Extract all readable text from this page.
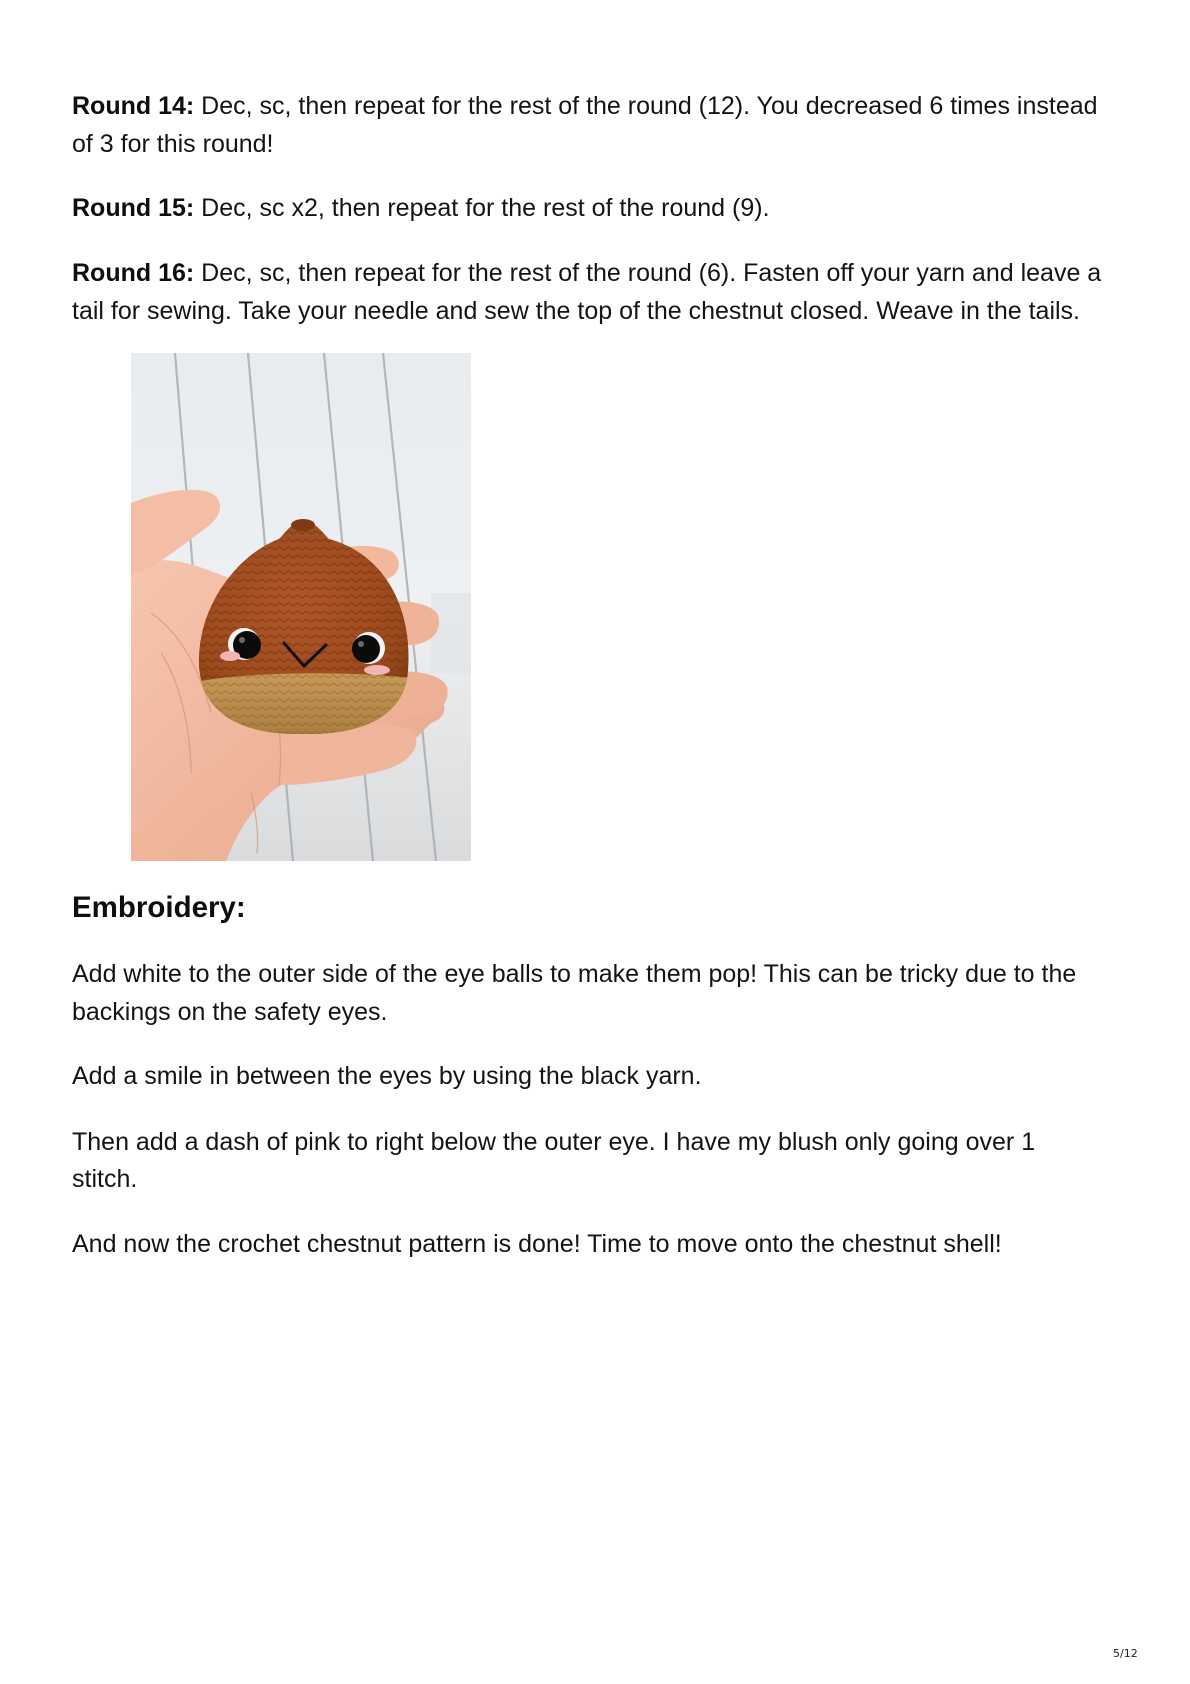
Round 14: Dec, sc, then repeat for the rest of the round (12). You decreased 6 times instead
of 3 for this round!
Round 15: Dec, sc x2, then repeat for the rest of the round (9).
Round 16: Dec, sc, then repeat for the rest of the round (6). Fasten off your yarn and leave a
tail for sewing. Take your needle and sew the top of the chestnut closed. Weave in the tails.
Embroidery:
Add white to the outer side of the eye balls to make them pop! This can be tricky due to the
backings on the safety eyes.
Add a smile in between the eyes by using the black yarn.
Then add a dash of pink to right below the outer eye. I have my blush only going over 1
stitch.
And now the crochet chestnut pattern is done! Time to move onto the chestnut shell!
5/12
